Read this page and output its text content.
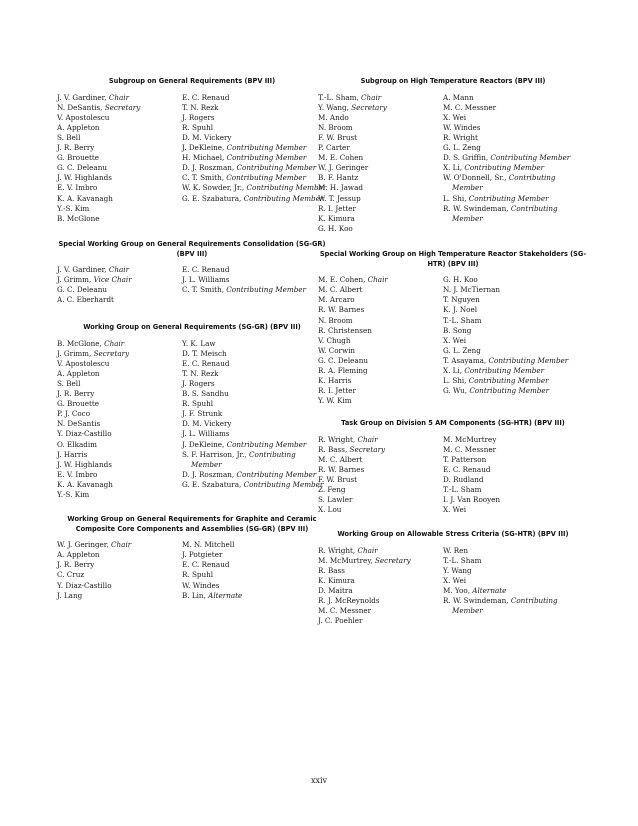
Subgroup on General Requirements (BPV III)
J. V. Gardiner, Chair
N. DeSantis, Secretary
V. Apostolescu
A. Appleton
S. Bell
J. R. Berry
G. Brouette
G. C. Deleanu
J. W. Highlands
E. V. Imbro
K. A. Kavanagh
Y.-S. Kim
B. McGlone
E. C. Renaud
T. N. Rezk
J. Rogers
R. Spuhl
D. M. Vickery
J. DeKleine, Contributing Member
H. Michael, Contributing Member
D. J. Roszman, Contributing Member
C. T. Smith, Contributing Member
W. K. Sowder, Jr., Contributing Member
G. E. Szabatura, Contributing Member
Special Working Group on General Requirements Consolidation (SG-GR) (BPV III)
J. V. Gardiner, Chair
J. Grimm, Vice Chair
G. C. Deleanu
A. C. Eberhardt
E. C. Renaud
J. L. Williams
C. T. Smith, Contributing Member
Working Group on General Requirements (SG-GR) (BPV III)
B. McGlone, Chair
J. Grimm, Secretary
V. Apostolescu
A. Appleton
S. Bell
J. R. Berry
G. Brouette
P. J. Coco
N. DeSantis
Y. Diaz-Castillo
O. Elkadim
J. Harris
J. W. Highlands
E. V. Imbro
K. A. Kavanagh
Y.-S. Kim
Y. K. Law
D. T. Meisch
E. C. Renaud
T. N. Rezk
J. Rogers
B. S. Sandhu
R. Spuhl
J. F. Strunk
D. M. Vickery
J. L. Williams
J. DeKleine, Contributing Member
S. F. Harrison, Jr., Contributing Member
D. J. Roszman, Contributing Member
G. E. Szabatura, Contributing Member
Working Group on General Requirements for Graphite and Ceramic Composite Core Components and Assemblies (SG-GR) (BPV III)
W. J. Geringer, Chair
A. Appleton
J. R. Berry
C. Cruz
Y. Diaz-Castillo
J. Lang
M. N. Mitchell
J. Potgieter
E. C. Renaud
R. Spuhl
W. Windes
B. Lin, Alternate
Subgroup on High Temperature Reactors (BPV III)
T.-L. Sham, Chair
Y. Wang, Secretary
M. Ando
N. Broom
F. W. Brust
P. Carter
M. E. Cohen
W. J. Geringer
B. F. Hantz
M. H. Jawad
W. T. Jessup
R. I. Jetter
K. Kimura
G. H. Koo
A. Mann
M. C. Messner
X. Wei
W. Windes
R. Wright
G. L. Zeng
D. S. Griffin, Contributing Member
X. Li, Contributing Member
W. O'Donnell, Sr., Contributing Member
L. Shi, Contributing Member
R. W. Swindeman, Contributing Member
Special Working Group on High Temperature Reactor Stakeholders (SG-HTR) (BPV III)
M. E. Cohen, Chair
M. C. Albert
M. Arcaro
R. W. Barnes
N. Broom
R. Christensen
V. Chugh
W. Corwin
G. C. Deleanu
R. A. Fleming
K. Harris
R. I. Jetter
Y. W. Kim
G. H. Koo
N. J. McTiernan
T. Nguyen
K. J. Noel
T.-L. Sham
B. Song
X. Wei
G. L. Zeng
T. Asayama, Contributing Member
X. Li, Contributing Member
L. Shi, Contributing Member
G. Wu, Contributing Member
Task Group on Division 5 AM Components (SG-HTR) (BPV III)
R. Wright, Chair
R. Bass, Secretary
M. C. Albert
R. W. Barnes
F. W. Brust
Z. Feng
S. Lawler
X. Lou
M. McMurtrey
M. C. Messner
T. Patterson
E. C. Renaud
D. Rudland
T.-L. Sham
I. J. Van Rooyen
X. Wei
Working Group on Allowable Stress Criteria (SG-HTR) (BPV III)
R. Wright, Chair
M. McMurtrey, Secretary
R. Bass
K. Kimura
D. Maitra
R. J. McReynolds
M. C. Messner
J. C. Poehler
W. Ren
T.-L. Sham
Y. Wang
X. Wei
M. Yoo, Alternate
R. W. Swindeman, Contributing Member
xxiv
